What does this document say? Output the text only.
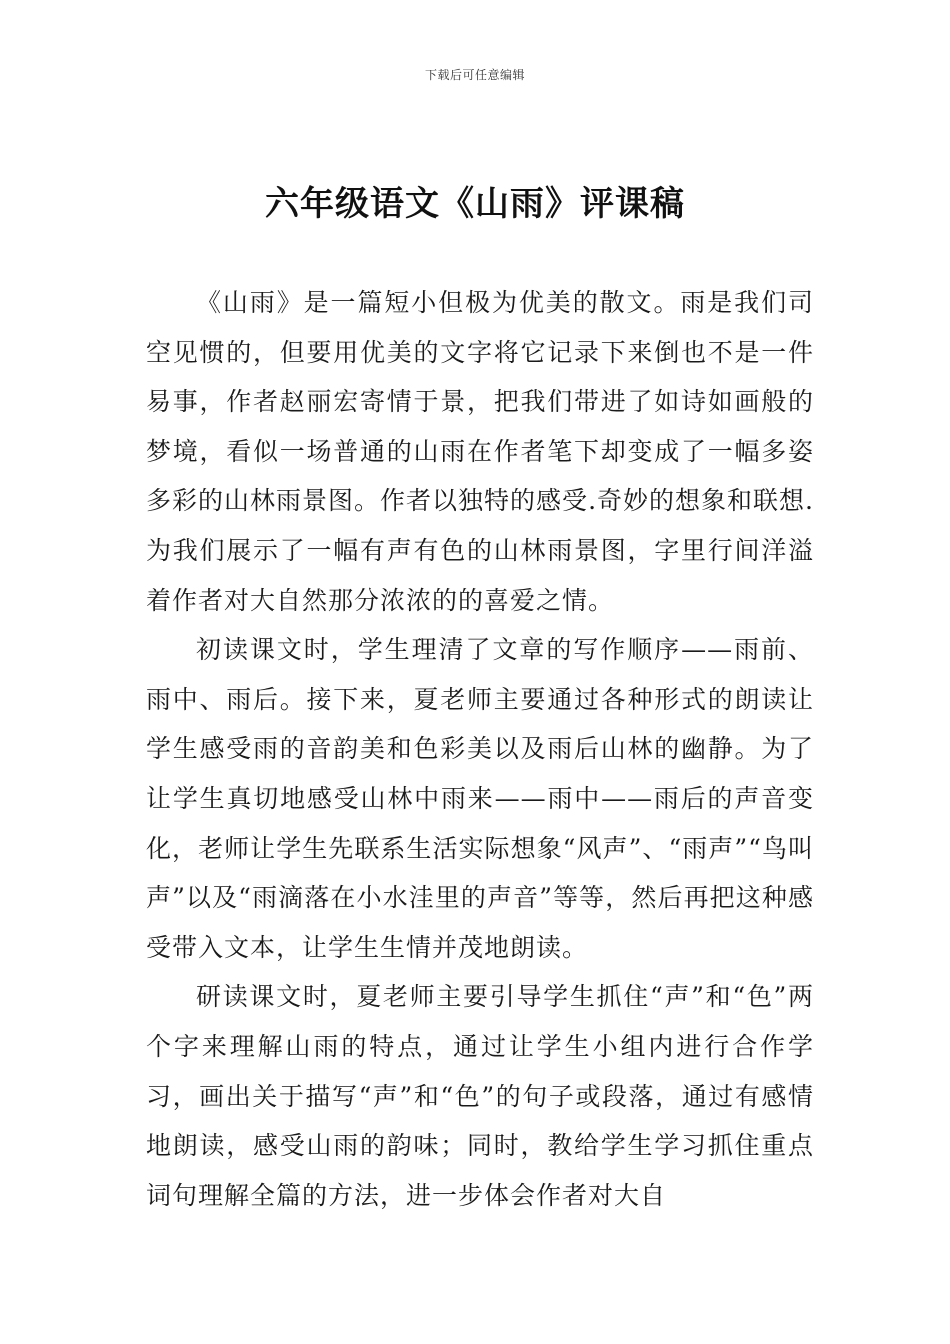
下载后可任意编辑
六年级语文《山雨》评课稿

《山雨》是一篇短小但极为优美的散文。雨是我们司空见惯的，但要用优美的文字将它记录下来倒也不是一件易事，作者赵丽宏寄情于景，把我们带进了如诗如画般的梦境，看似一场普通的山雨在作者笔下却变成了一幅多姿多彩的山林雨景图。作者以独特的感受.奇妙的想象和联想.为我们展示了一幅有声有色的山林雨景图，字里行间洋溢着作者对大自然那分浓浓的的喜爱之情。

初读课文时，学生理清了文章的写作顺序——雨前、雨中、雨后。接下来，夏老师主要通过各种形式的朗读让学生感受雨的音韵美和色彩美以及雨后山林的幽静。为了让学生真切地感受山林中雨来——雨中——雨后的声音变化，老师让学生先联系生活实际想象“风声”、“雨声”“鸟叫声”以及“雨滴落在小水洼里的声音”等等，然后再把这种感受带入文本，让学生生情并茂地朗读。

研读课文时，夏老师主要引导学生抓住“声”和“色”两个字来理解山雨的特点，通过让学生小组内进行合作学习，画出关于描写“声”和“色”的句子或段落，通过有感情地朗读，感受山雨的韵味；同时，教给学生学习抓住重点词句理解全篇的方法，进一步体会作者对大自
